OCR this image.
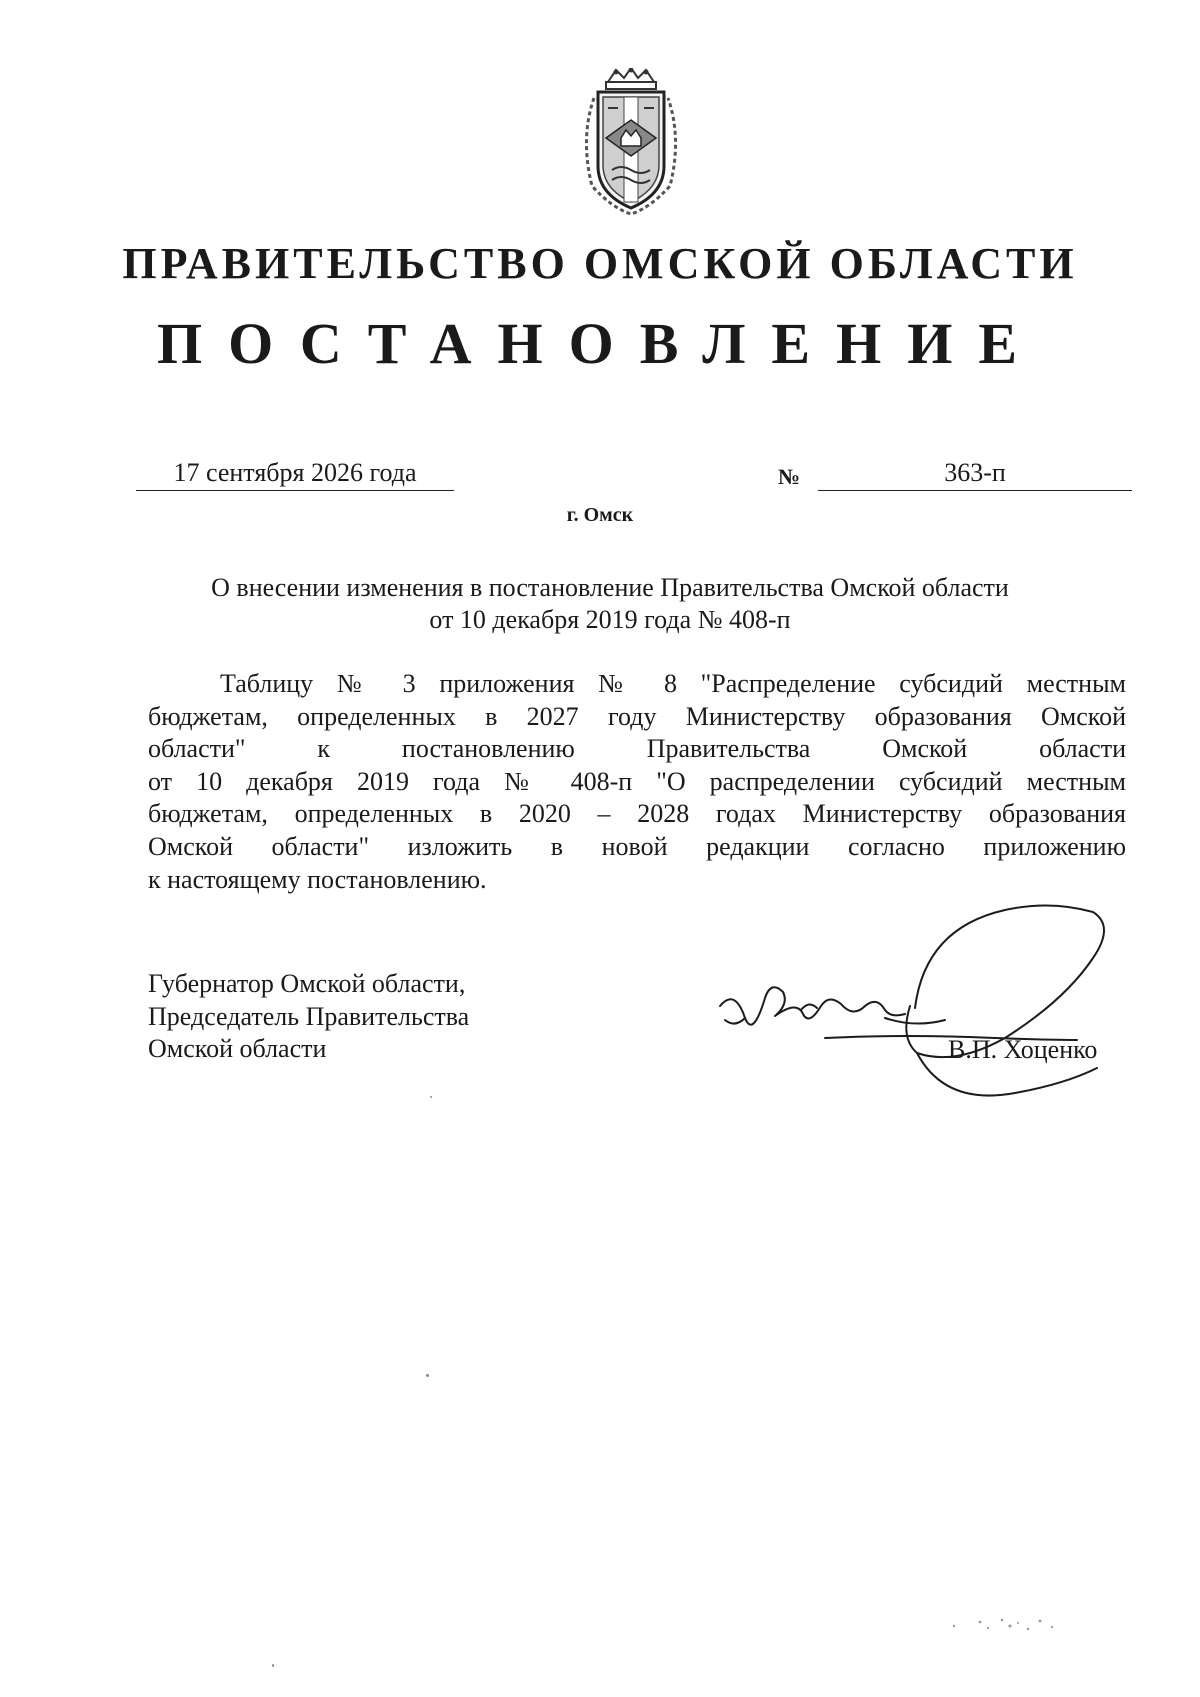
ПРАВИТЕЛЬСТВО ОМСКОЙ ОБЛАСТИ
ПОСТАНОВЛЕНИЕ
17 сентября 2026 года	№	363-п
г. Омск
О внесении изменения в постановление Правительства Омской области
от 10 декабря 2019 года № 408-п
Таблицу № 3 приложения № 8 "Распределение субсидий местным
бюджетам, определенных в 2027 году Министерству образования Омской
области" к постановлению Правительства Омской области
от 10 декабря 2019 года № 408-п "О распределении субсидий местным
бюджетам, определенных в 2020 – 2028 годах Министерству образования
Омской области" изложить в новой редакции согласно приложению
к настоящему постановлению.
Губернатор Омской области,
Председатель Правительства
Омской области	В.П. Хоценко
